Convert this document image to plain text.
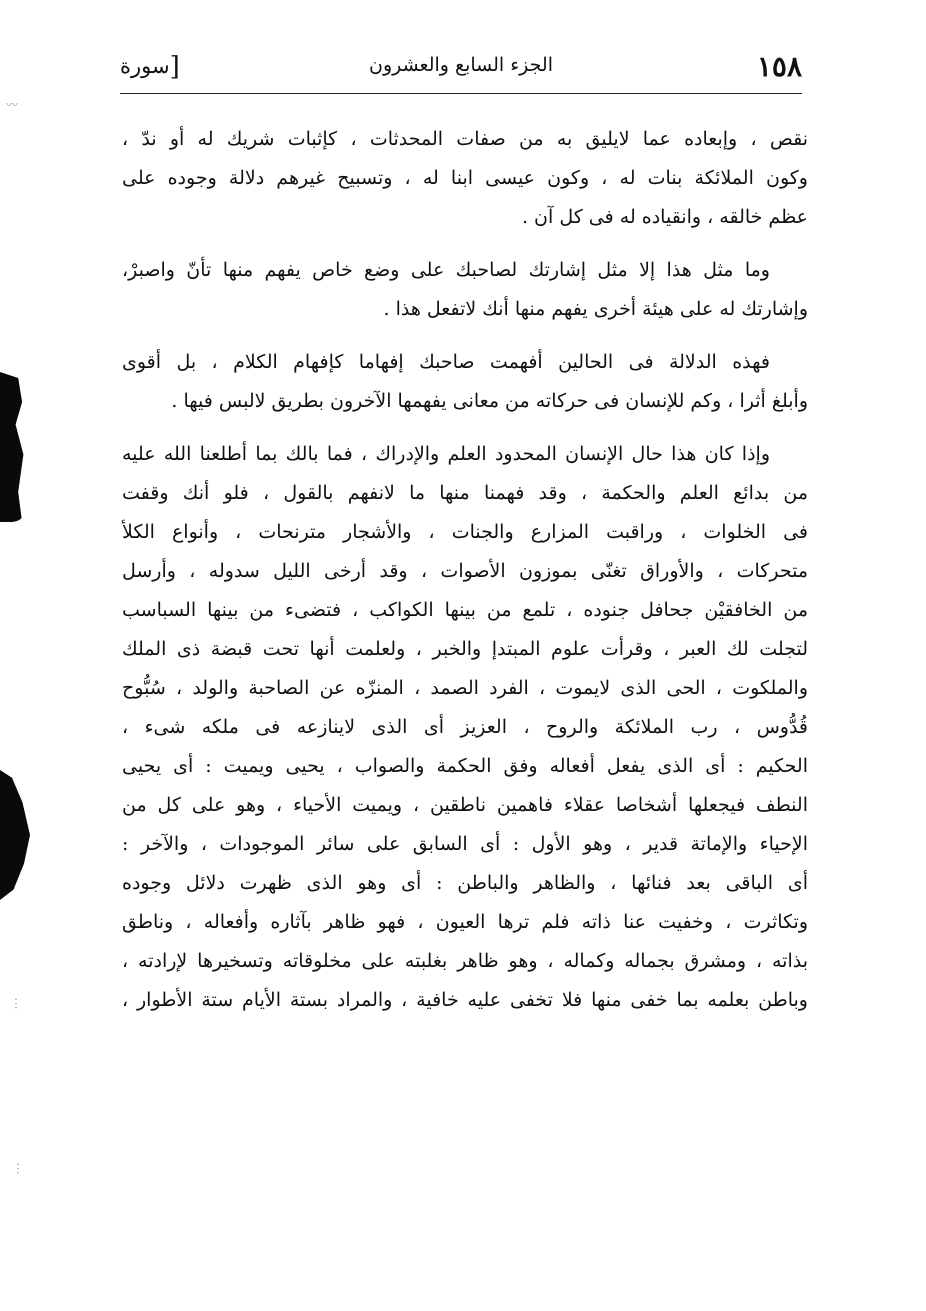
〰
︙
︙
١٥٨
الجزء السابع والعشرون
[سورة
نقص ، وإبعاده عما لايليق به من صفات المحدثات ، كإثبات شريك له أو ندّ ،
وكون الملائكة بنات له ، وكون عيسى ابنا له ، وتسبيح غيرهم دلالة وجوده على
عظم خالقه ، وانقياده له فى كل آن .
وما مثل هذا إلا مثل إشارتك لصاحبك على وضع خاص يفهم منها تأنّ واصبرْ،
وإشارتك له على هيئة أخرى يفهم منها أنك لاتفعل هذا .
فهذه الدلالة فى الحالين أفهمت صاحبك إفهاما كإفهام الكلام ، بل أقوى
وأبلغ أثرا ، وكم للإنسان فى حركاته من معانى يفهمها الآخرون بطريق لالبس فيها .
وإذا كان هذا حال الإنسان المحدود العلم والإدراك ، فما بالك بما أطلعنا الله عليه
من بدائع العلم والحكمة ، وقد فهمنا منها ما لانفهم بالقول ، فلو أنك وقفت
فى الخلوات ، وراقبت المزارع والجنات ، والأشجار مترنحات ، وأنواع الكلأ
متحركات ، والأوراق تغنّى بموزون الأصوات ، وقد أرخى الليل سدوله ، وأرسل
من الخافقيْن جحافل جنوده ، تلمع من بينها الكواكب ، فتضىء من بينها السباسب
لتجلت لك العبر ، وقرأت علوم المبتدإ والخبر ، ولعلمت أنها تحت قبضة ذى الملك
والملكوت ، الحى الذى لايموت ، الفرد الصمد ، المنزّه عن الصاحبة والولد ، سُبُّوح
قُدُّوس ، رب الملائكة والروح ، العزيز أى الذى لاينازعه فى ملكه شىء ،
الحكيم : أى الذى يفعل أفعاله وفق الحكمة والصواب ، يحيى ويميت : أى يحيى
النطف فيجعلها أشخاصا عقلاء فاهمين ناطقين ، ويميت الأحياء ، وهو على كل من
الإحياء والإماتة قدير ، وهو الأول : أى السابق على سائر الموجودات ، والآخر :
أى الباقى بعد فنائها ، والظاهر والباطن : أى وهو الذى ظهرت دلائل وجوده
وتكاثرت ، وخفيت عنا ذاته فلم ترها العيون ، فهو ظاهر بآثاره وأفعاله ، وناطق
بذاته ، ومشرق بجماله وكماله ، وهو ظاهر بغلبته على مخلوقاته وتسخيرها لإرادته ،
وباطن بعلمه بما خفى منها فلا تخفى عليه خافية ، والمراد بستة الأيام ستة الأطوار ،
